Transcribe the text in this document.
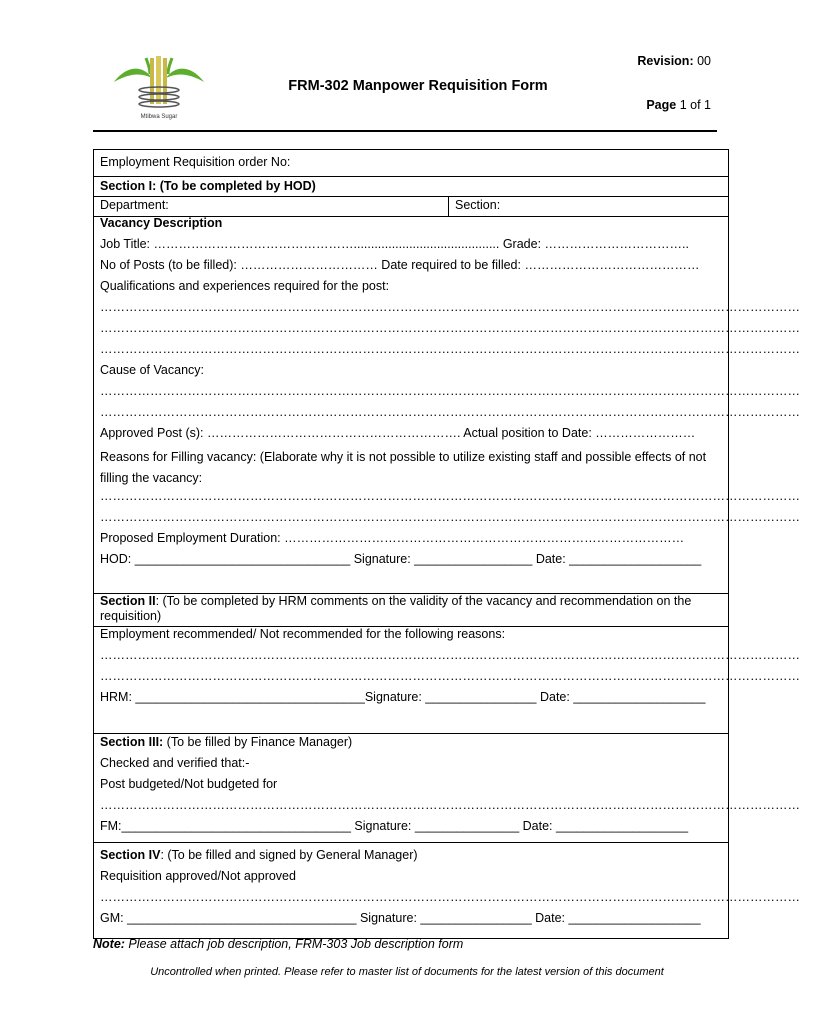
Mtibwa Sugar
FRM-302 Manpower Requisition Form
Revision: 00
Page 1 of 1
Employment Requisition order No:
Section I: (To be completed by HOD)
Department:	Section:
Vacancy Description
Job Title: ………………………………………….......................................... Grade: ……………………………..
No of Posts (to be filled): …………………………… Date required to be filled: ……………………………………
Qualifications and experiences required for the post:
……………………………………………………………………………………………………………………………………………………
……………………………………………………………………………………………………………………………………………………
……………………………………………………………………………………………………………………………………………………
Cause of Vacancy:
……………………………………………………………………………………………………………………………………………………
……………………………………………………………………………………………………………………………………………………
Approved Post (s): ……………………………………………………. Actual position to Date: ……………………
Reasons for Filling vacancy: (Elaborate why it is not possible to utilize existing staff and possible effects of not filling the vacancy:
……………………………………………………………………………………………………………………………………………………
……………………………………………………………………………………………………………………………………………………
Proposed Employment Duration: ……………………………………………………………………………………
HOD: _______________________________ Signature: _________________ Date: ___________________
Section II: (To be completed by HRM comments on the validity of the vacancy and recommendation on the requisition)
Employment recommended/ Not recommended for the following reasons:
……………………………………………………………………………………………………………………………………………………
……………………………………………………………………………………………………………………………………………………
HRM: _________________________________Signature: ________________ Date: ___________________
Section III: (To be filled by Finance Manager)
Checked and verified that:-
Post budgeted/Not budgeted for
……………………………………………………………………………………………………………………………………………………
FM:_________________________________ Signature: _______________ Date: ___________________
Section IV: (To be filled and signed by General Manager)
Requisition approved/Not approved
……………………………………………………………………………………………………………………………………………………
GM: _________________________________ Signature: ________________ Date: ___________________
Note: Please attach job description, FRM-303 Job description form
Uncontrolled when printed. Please refer to master list of documents for the latest version of this document
